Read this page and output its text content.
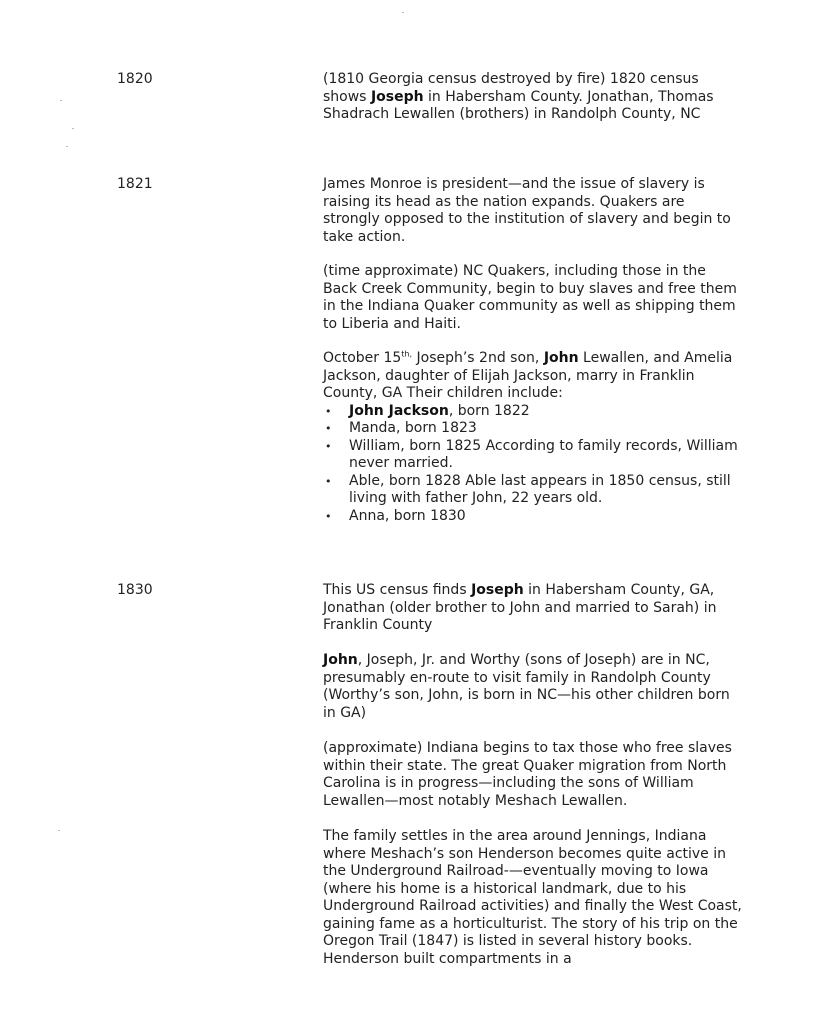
1820	(1810 Georgia census destroyed by fire) 1820 census shows Joseph in Habersham County. Jonathan, Thomas Shadrach Lewallen (brothers) in Randolph County, NC

1821	James Monroe is president—and the issue of slavery is raising its head as the nation expands. Quakers are strongly opposed to the institution of slavery and begin to take action.

(time approximate) NC Quakers, including those in the Back Creek Community, begin to buy slaves and free them in the Indiana Quaker community as well as shipping them to Liberia and Haiti.

October $15^{th,}$ Joseph’s 2nd son, John Lewallen, and Amelia Jackson, daughter of Elijah Jackson, marry in Franklin County, GA Their children include:

• John Jackson, born 1822
• Manda, born 1823
• William, born 1825 According to family records, William never married.
• Able, born 1828 Able last appears in 1850 census, still living with father John, 22 years old.
• Anna, born 1830
1830	This US census finds Joseph in Habersham County, GA, Jonathan (older brother to John and married to Sarah) in Franklin County

John, Joseph, Jr. and Worthy (sons of Joseph) are in NC, presumably en-route to visit family in Randolph County (Worthy’s son, John, is born in NC—his other children born in GA)

(approximate) Indiana begins to tax those who free slaves within their state. The great Quaker migration from North Carolina is in progress—including the sons of William Lewallen—most notably Meshach Lewallen.

The family settles in the area around Jennings, Indiana where Meshach’s son Henderson becomes quite active in the Underground Railroad-—eventually moving to Iowa (where his home is a historical landmark, due to his Underground Railroad activities) and finally the West Coast, gaining fame as a horticulturist. The story of his trip on the Oregon Trail (1847) is listed in several history books. Henderson built compartments in a
